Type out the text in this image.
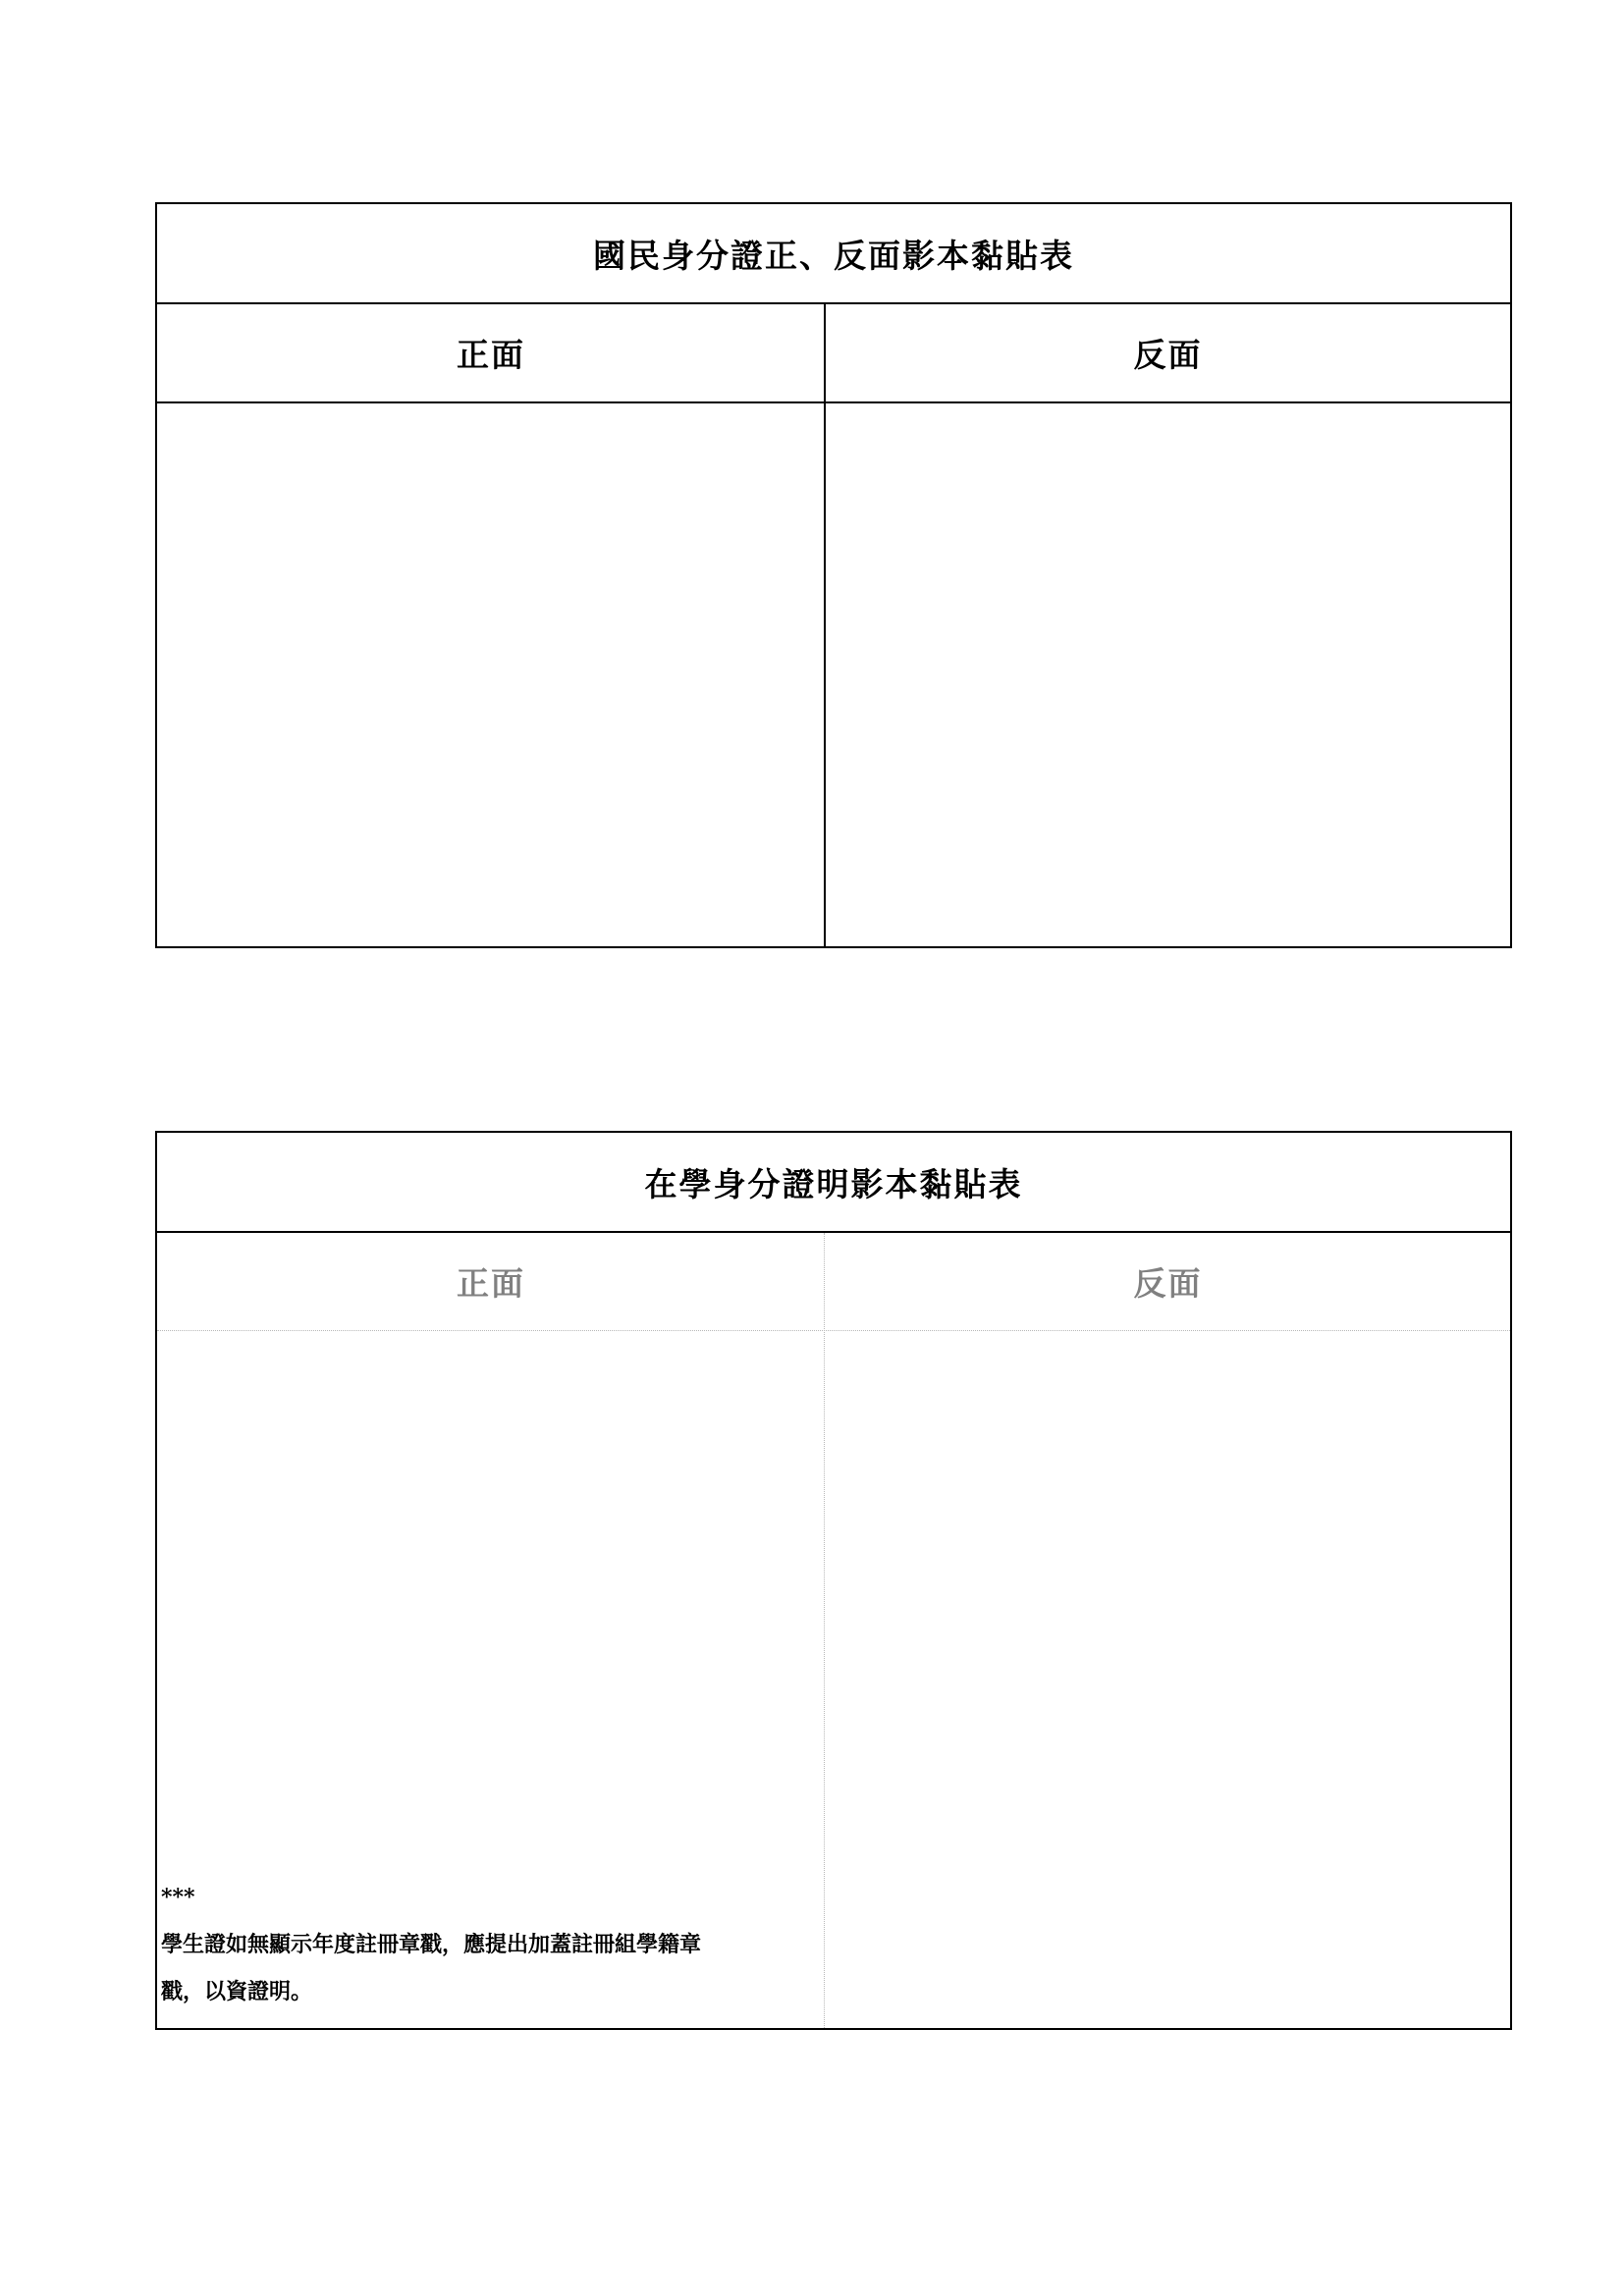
國民身分證正、反面影本黏貼表
正面	反面
在學身分證明影本黏貼表
正面	反面
***
學生證如無顯示年度註冊章戳，應提出加蓋註冊組學籍章
戳，以資證明。
